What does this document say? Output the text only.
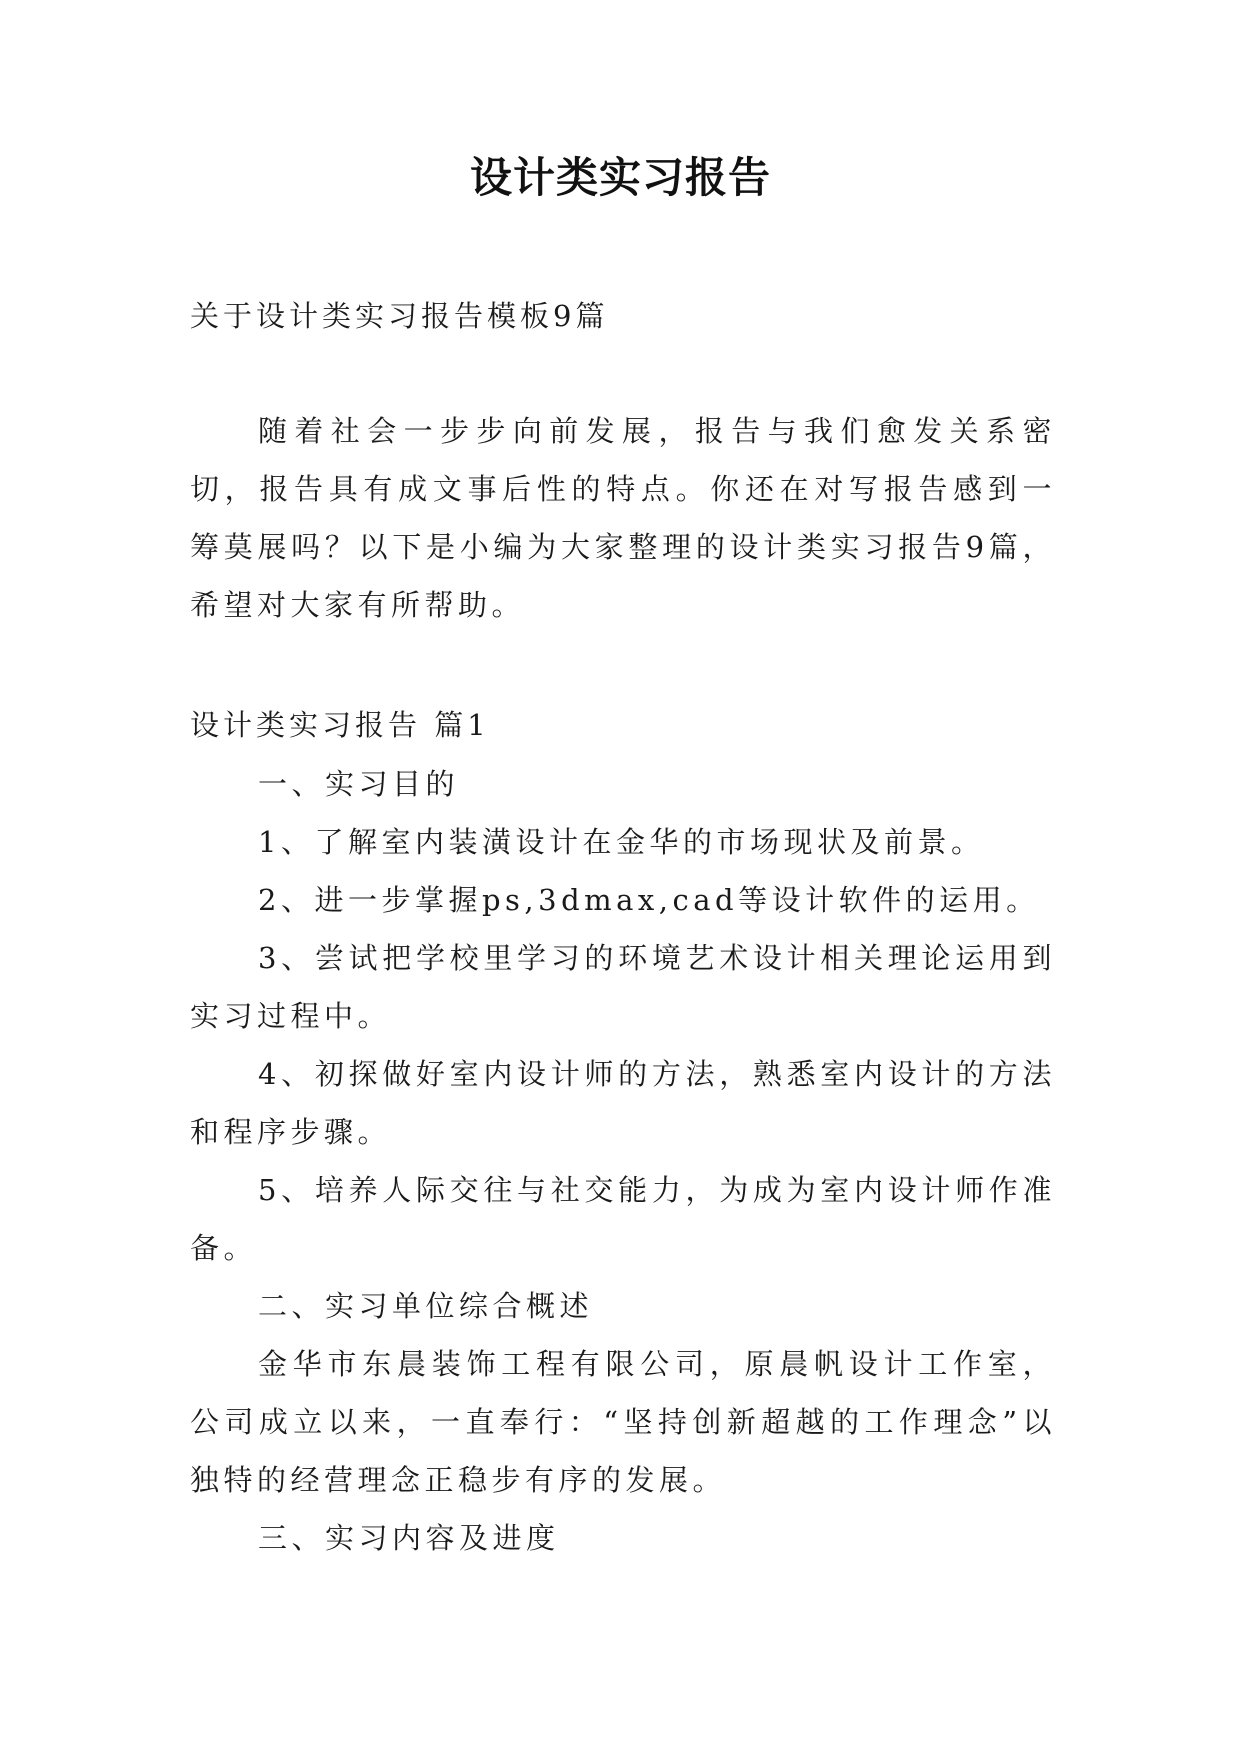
设计类实习报告
关于设计类实习报告模板9篇

随着社会一步步向前发展，报告与我们愈发关系密切，报告具有成文事后性的特点。你还在对写报告感到一筹莫展吗？以下是小编为大家整理的设计类实习报告9篇，希望对大家有所帮助。

设计类实习报告 篇1

一、实习目的

1、了解室内装潢设计在金华的市场现状及前景。

2、进一步掌握ps,3dmax,cad等设计软件的运用。

3、尝试把学校里学习的环境艺术设计相关理论运用到实习过程中。

4、初探做好室内设计师的方法，熟悉室内设计的方法和程序步骤。

5、培养人际交往与社交能力，为成为室内设计师作准备。

二、实习单位综合概述

金华市东晨装饰工程有限公司，原晨帆设计工作室，公司成立以来，一直奉行：“坚持创新超越的工作理念”以独特的经营理念正稳步有序的发展。

三、实习内容及进度
